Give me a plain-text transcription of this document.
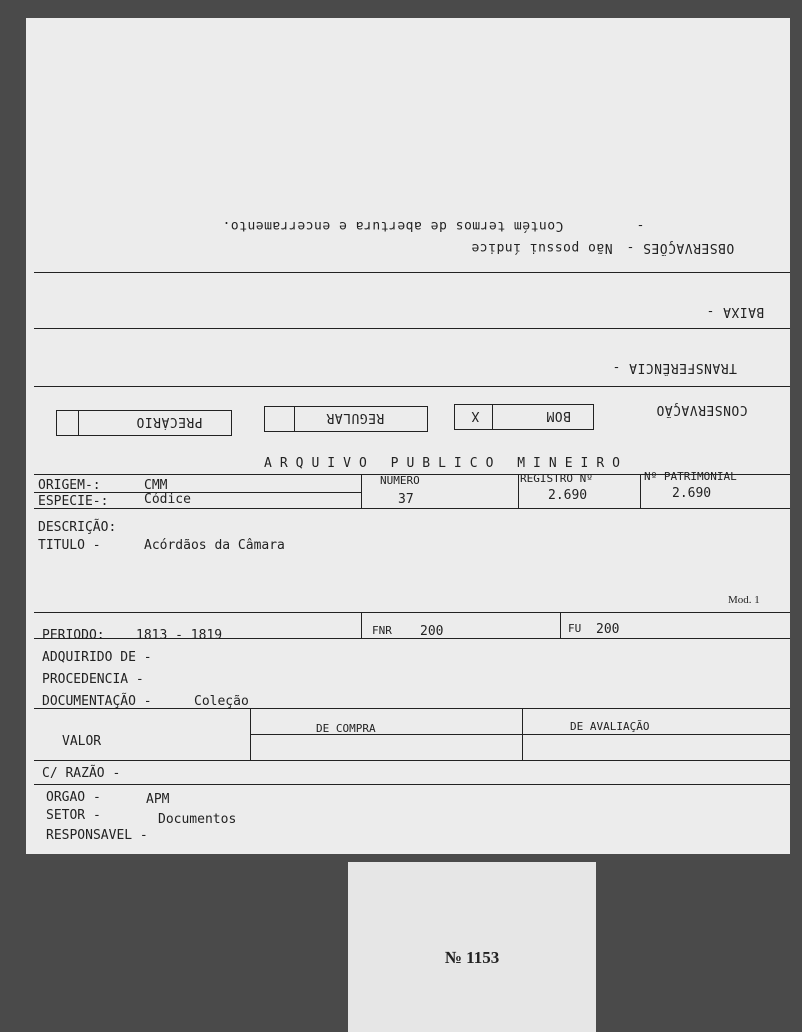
OBSERVAÇÕES -
Não possui índice
-
Contém termos de abertura e encerramento.
BAIXA -
TRANSFERÊNCIA -
CONSERVAÇÃO
BOM
X
REGULAR
PRECÁRIO
ARQUIVO PUBLICO MINEIRO
ORIGEM-:	CMM
ESPECIE-:	Códice
NUMERO
37
REGISTRO Nº
2.690
Nº PATRIMONIAL
2.690
DESCRIÇÃO:
TITULO -	Acórdãos da Câmara
Mod. 1
PERIODO: 1813 - 1819	FNR 200	FU 200
ADQUIRIDO DE -
PROCEDENCIA -
DOCUMENTAÇÃO -	Coleção
VALOR
DE COMPRA	DE AVALIAÇÃO
C/ RAZÃO -
ORGAO -	APM
SETOR -	Documentos
RESPONSAVEL -
№ 1153
